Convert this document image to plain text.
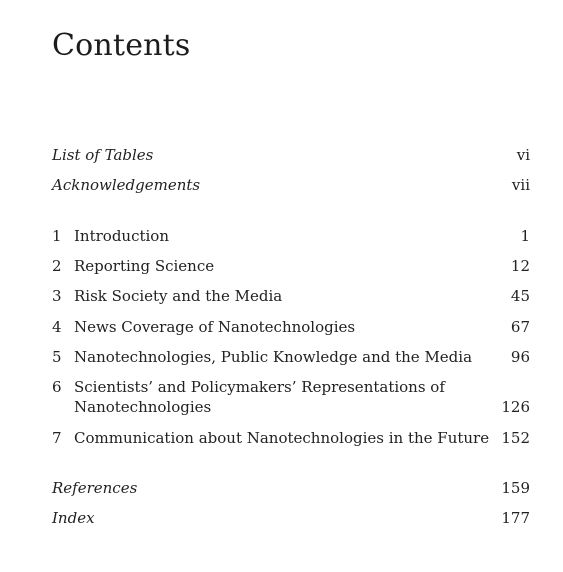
Contents
List of Tables	vi
Acknowledgements	vii
1 Introduction	1
2 Reporting Science	12
3 Risk Society and the Media	45
4 News Coverage of Nanotechnologies	67
5 Nanotechnologies, Public Knowledge and the Media	96
6 Scientists’ and Policymakers’ Representations of
Nanotechnologies	126
7 Communication about Nanotechnologies in the Future 152
References	159
Index	177
